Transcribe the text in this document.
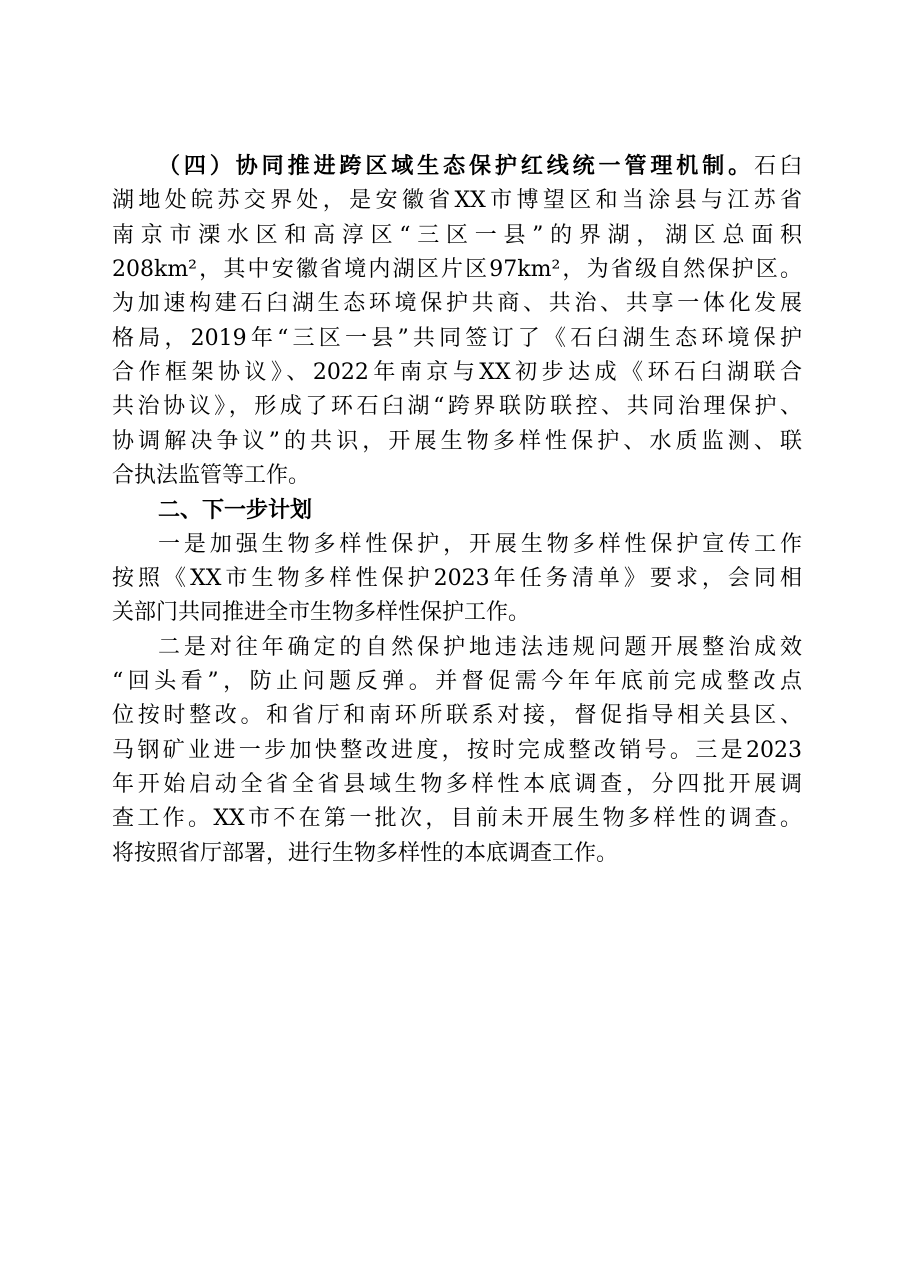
（四）协同推进跨区域生态保护红线统一管理机制。石臼
湖地处皖苏交界处，是安徽省XX市博望区和当涂县与江苏省
南京市溧水区和高淳区“三区一县”的界湖，湖区总面积
208km²，其中安徽省境内湖区片区97km²，为省级自然保护区。
为加速构建石臼湖生态环境保护共商、共治、共享一体化发展
格局，2019年“三区一县”共同签订了《石臼湖生态环境保护
合作框架协议》、2022年南京与XX初步达成《环石臼湖联合
共治协议》，形成了环石臼湖“跨界联防联控、共同治理保护、
协调解决争议”的共识，开展生物多样性保护、水质监测、联
合执法监管等工作。
二、下一步计划
一是加强生物多样性保护，开展生物多样性保护宣传工作
按照《XX市生物多样性保护2023年任务清单》要求，会同相
关部门共同推进全市生物多样性保护工作。
二是对往年确定的自然保护地违法违规问题开展整治成效
“回头看”，防止问题反弹。并督促需今年年底前完成整改点
位按时整改。和省厅和南环所联系对接，督促指导相关县区、
马钢矿业进一步加快整改进度，按时完成整改销号。三是2023
年开始启动全省全省县域生物多样性本底调查，分四批开展调
查工作。XX市不在第一批次，目前未开展生物多样性的调查。
将按照省厅部署，进行生物多样性的本底调查工作。
